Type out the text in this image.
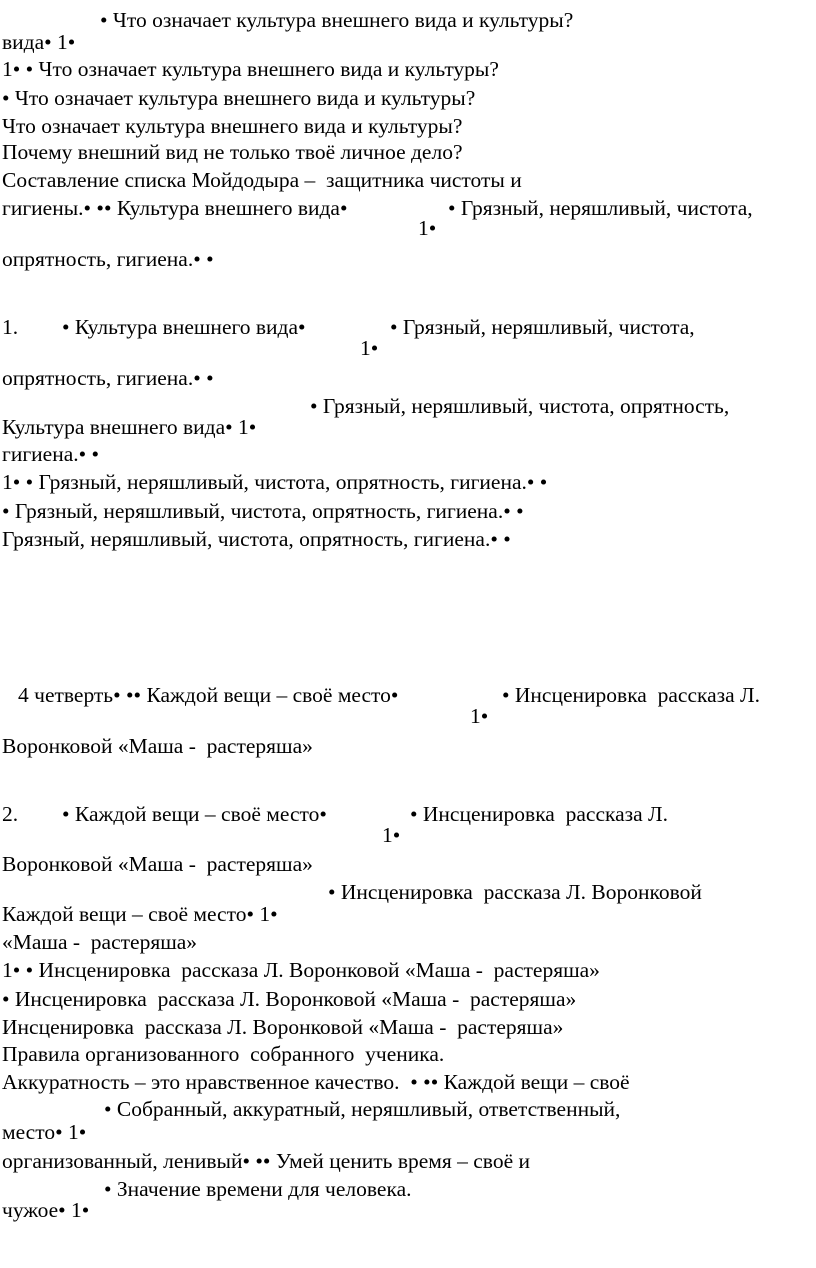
• Что означает культура внешнего вида и культуры?

вида• 1•

1• • Что означает культура внешнего вида и культуры?

• Что означает культура внешнего вида и культуры?

Что означает культура внешнего вида и культуры?

Почему внешний вид не только твоё личное дело?

Составление списка Мойдодыра –  защитника чистоты и

гигиены.• •• Культура внешнего вида•	• Грязный, неряшливый, чистота,

1•

опрятность, гигиена.• •

1. • Культура внешнего вида•	• Грязный, неряшливый, чистота,

1•

опрятность, гигиена.• •

• Грязный, неряшливый, чистота, опрятность,

Культура внешнего вида• 1•

гигиена.• •

1• • Грязный, неряшливый, чистота, опрятность, гигиена.• •

• Грязный, неряшливый, чистота, опрятность, гигиена.• •

Грязный, неряшливый, чистота, опрятность, гигиена.• •

4 четверть• •• Каждой вещи – своё место•	• Инсценировка  рассказа Л.

1•

Воронковой «Маша -  растеряша»

2. • Каждой вещи – своё место•	• Инсценировка  рассказа Л.

1•

Воронковой «Маша -  растеряша»

• Инсценировка  рассказа Л. Воронковой

Каждой вещи – своё место• 1•

«Маша -  растеряша»

1• • Инсценировка  рассказа Л. Воронковой «Маша -  растеряша»

• Инсценировка  рассказа Л. Воронковой «Маша -  растеряша»

Инсценировка  рассказа Л. Воронковой «Маша -  растеряша»

Правила организованного  собранного  ученика.

Аккуратность – это нравственное качество.  • •• Каждой вещи – своё

• Собранный, аккуратный, неряшливый, ответственный,

место• 1•

организованный, ленивый• •• Умей ценить время – своё и

• Значение времени для человека.

чужое• 1•
